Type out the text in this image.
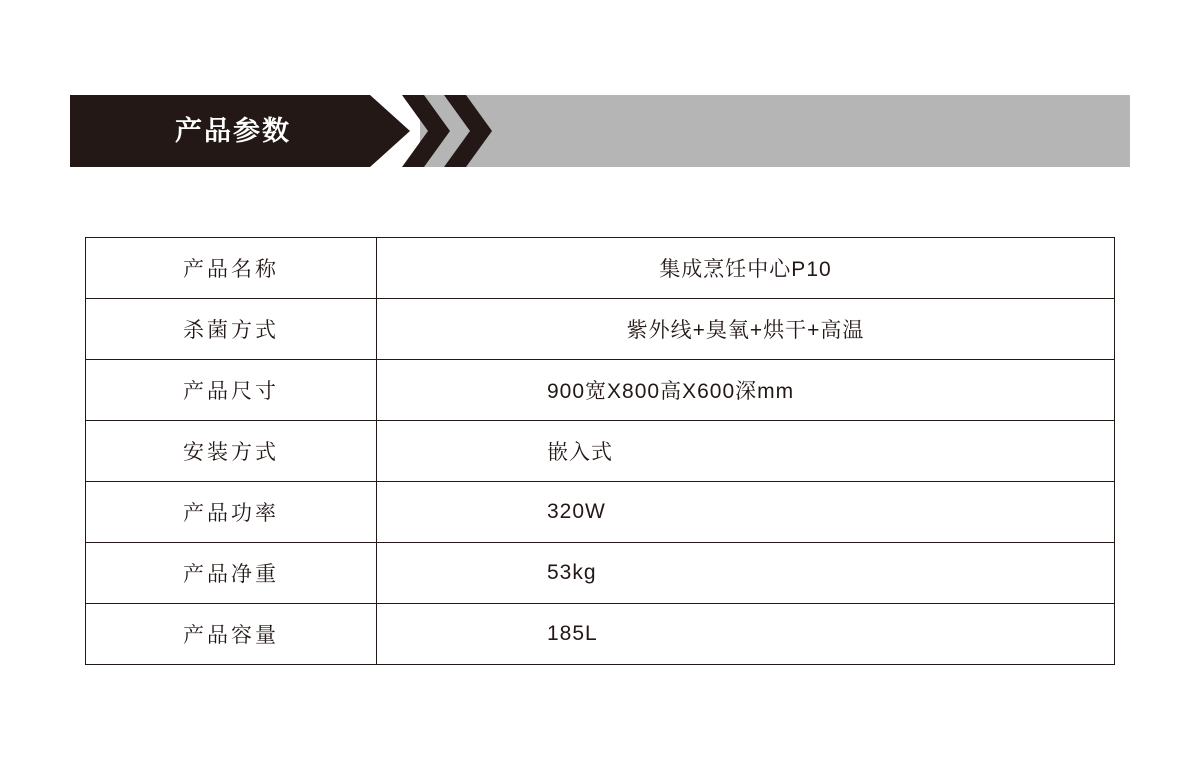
产品参数
产品名称	集成烹饪中心P10
杀菌方式	紫外线+臭氧+烘干+高温
产品尺寸	900宽X800高X600深mm
安装方式	嵌入式
产品功率	320W
产品净重	53kg
产品容量	185L
